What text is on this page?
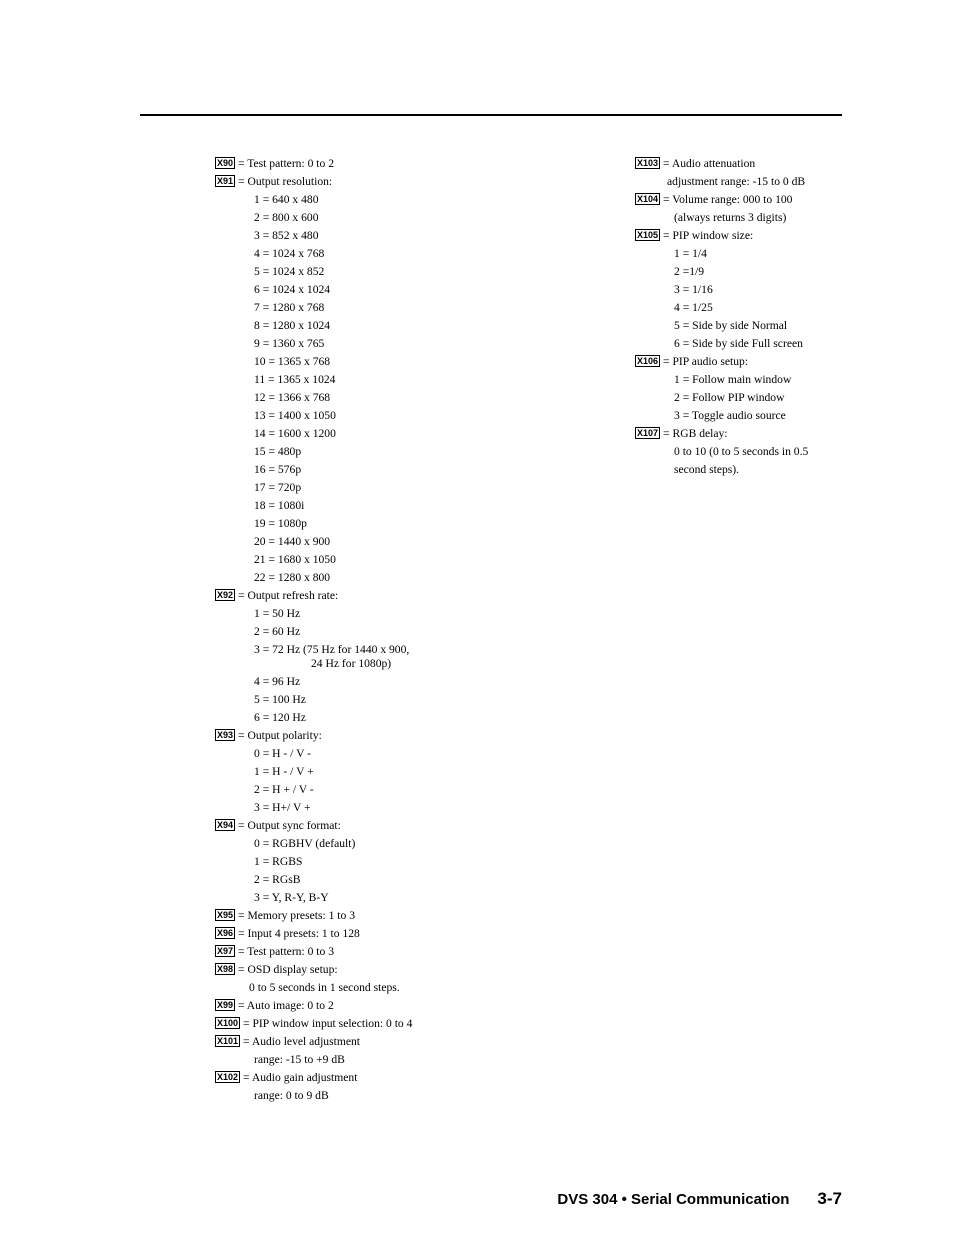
X90 = Test pattern: 0 to 2
X91 = Output resolution:
1 = 640 x 480
2 = 800 x 600
3 = 852 x 480
4 = 1024 x 768
5 = 1024 x 852
6 = 1024 x 1024
7 = 1280 x 768
8 = 1280 x 1024
9 = 1360 x 765
10 = 1365 x 768
11 = 1365 x 1024
12 = 1366 x 768
13 = 1400 x 1050
14 = 1600 x 1200
15 = 480p
16 = 576p
17 = 720p
18 = 1080i
19 = 1080p
20 = 1440 x 900
21 = 1680 x 1050
22 = 1280 x 800
X92 = Output refresh rate:
1 = 50 Hz
2 = 60 Hz
3 = 72 Hz (75 Hz for 1440 x 900,
24 Hz for 1080p)
4 = 96 Hz
5 = 100 Hz
6 = 120 Hz
X93 = Output polarity:
0 = H - / V -
1 = H - / V +
2 = H + / V -
3 = H+/ V +
X94 = Output sync format:
0 = RGBHV (default)
1 = RGBS
2 = RGsB
3 = Y, R-Y, B-Y
X95 = Memory presets: 1 to 3
X96 = Input 4 presets: 1 to 128
X97 = Test pattern: 0 to 3
X98 = OSD display setup:
0 to 5 seconds in 1 second steps.
X99 = Auto image: 0 to 2
X100 = PIP window input selection: 0 to 4
X101 = Audio level adjustment
range: -15 to +9 dB
X102 = Audio gain adjustment
range: 0 to 9 dB
X103 = Audio attenuation
adjustment range: -15 to 0 dB
X104 = Volume range: 000 to 100
(always returns 3 digits)
X105 = PIP window size:
1 = 1/4
2 =1/9
3 = 1/16
4 = 1/25
5 = Side by side Normal
6 = Side by side Full screen
X106 = PIP audio setup:
1 = Follow main window
2 = Follow PIP window
3 = Toggle audio source
X107 = RGB delay:
0 to 10 (0 to 5 seconds in 0.5
second steps).
DVS 304 • Serial Communication 3-7
